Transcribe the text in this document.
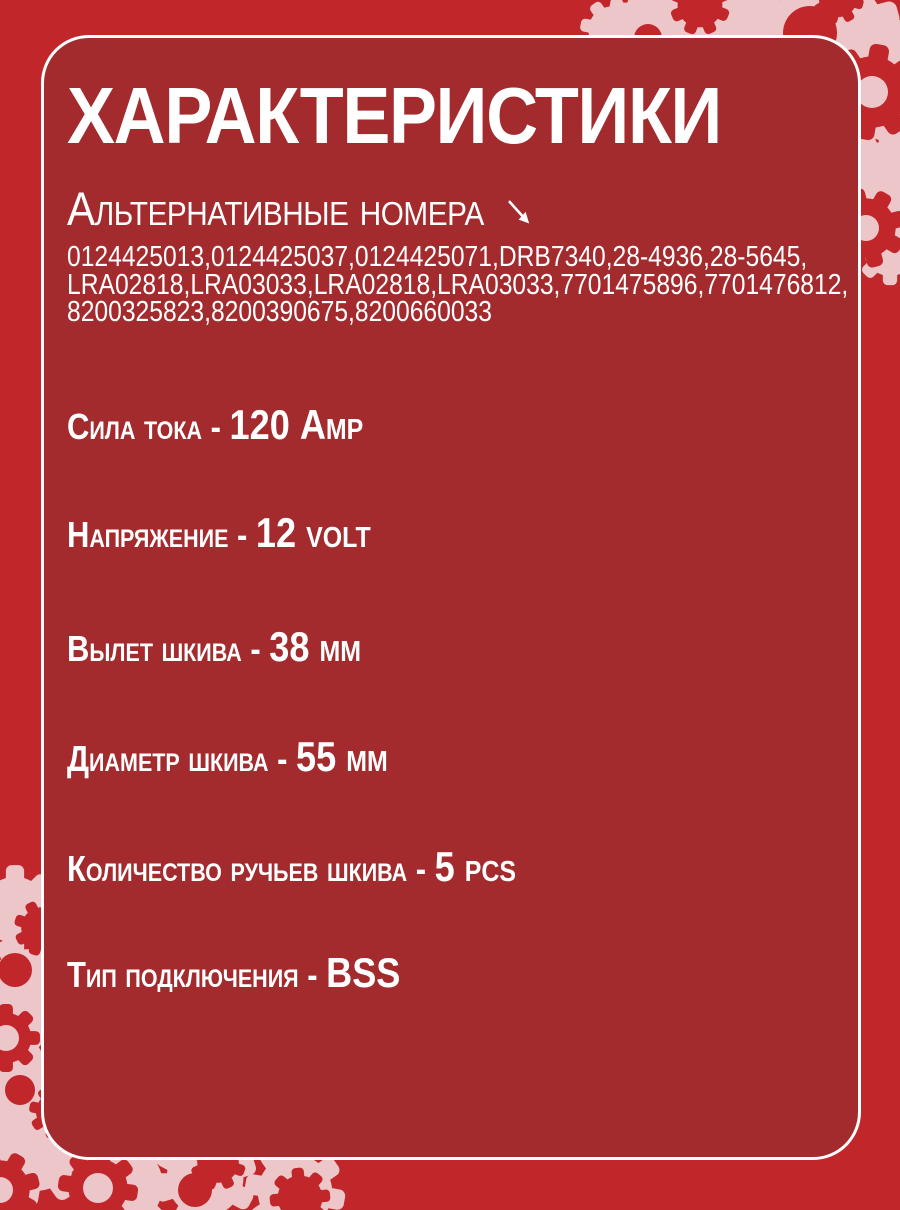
ХАРАКТЕРИСТИКИ
Альтернативные номера
0124425013,0124425037,0124425071,DRB7340,28-4936,28-5645,
LRA02818,LRA03033,LRA02818,LRA03033,7701475896,7701476812,
8200325823,8200390675,8200660033
Сила тока - 120 Amp
Напряжение - 12 volt
Вылет шкива - 38 мм
Диаметр шкива - 55 мм
Количество ручьев шкива - 5 pcs
Тип подключения - BSS
